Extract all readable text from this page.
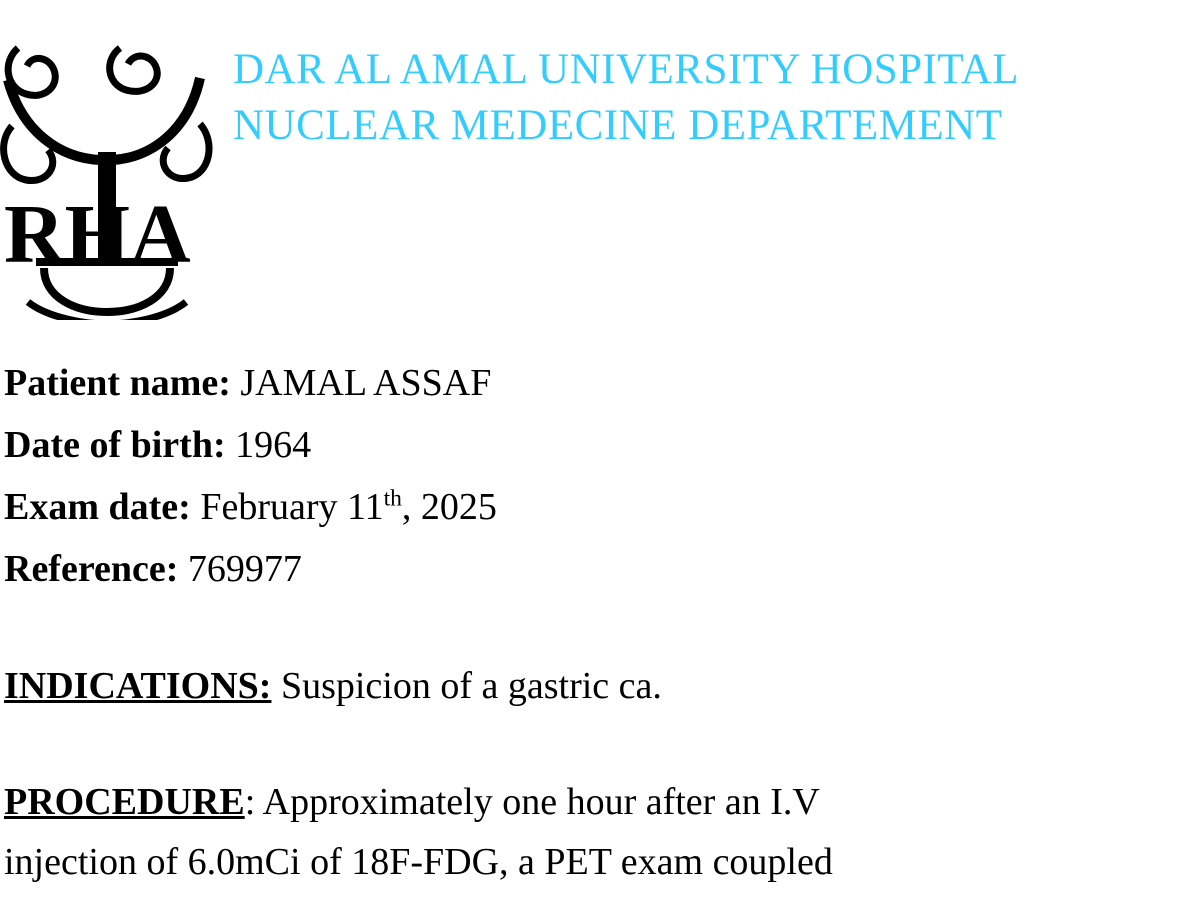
RHA
DAR AL AMAL UNIVERSITY HOSPITAL
NUCLEAR MEDECINE DEPARTEMENT
Patient name: JAMAL ASSAF
Date of birth: 1964
Exam date: February 11th, 2025
Reference: 769977
INDICATIONS: Suspicion of a gastric ca.
PROCEDURE: Approximately one hour after an I.V
injection of 6.0mCi of 18F-FDG, a PET exam coupled
